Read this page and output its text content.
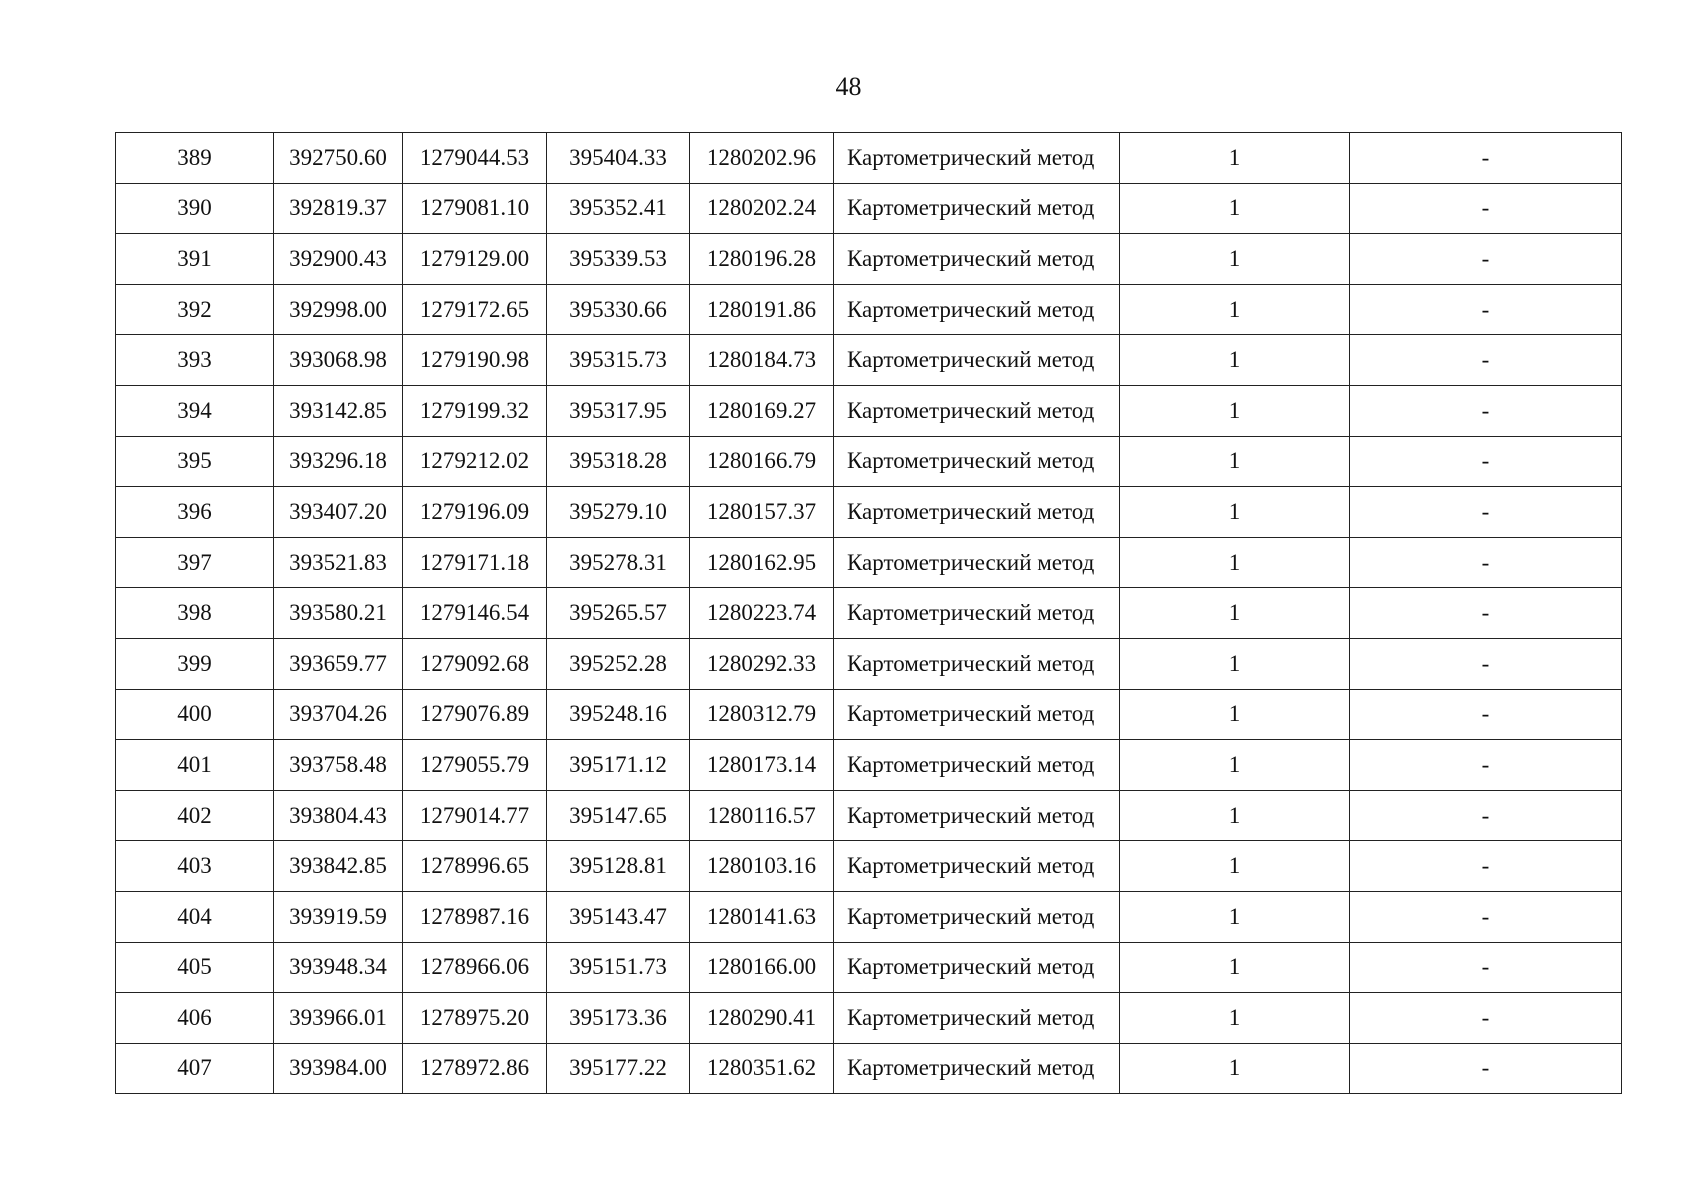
48
389	392750.60	1279044.53	395404.33	1280202.96	Картометрический метод	1	-
390	392819.37	1279081.10	395352.41	1280202.24	Картометрический метод	1	-
391	392900.43	1279129.00	395339.53	1280196.28	Картометрический метод	1	-
392	392998.00	1279172.65	395330.66	1280191.86	Картометрический метод	1	-
393	393068.98	1279190.98	395315.73	1280184.73	Картометрический метод	1	-
394	393142.85	1279199.32	395317.95	1280169.27	Картометрический метод	1	-
395	393296.18	1279212.02	395318.28	1280166.79	Картометрический метод	1	-
396	393407.20	1279196.09	395279.10	1280157.37	Картометрический метод	1	-
397	393521.83	1279171.18	395278.31	1280162.95	Картометрический метод	1	-
398	393580.21	1279146.54	395265.57	1280223.74	Картометрический метод	1	-
399	393659.77	1279092.68	395252.28	1280292.33	Картометрический метод	1	-
400	393704.26	1279076.89	395248.16	1280312.79	Картометрический метод	1	-
401	393758.48	1279055.79	395171.12	1280173.14	Картометрический метод	1	-
402	393804.43	1279014.77	395147.65	1280116.57	Картометрический метод	1	-
403	393842.85	1278996.65	395128.81	1280103.16	Картометрический метод	1	-
404	393919.59	1278987.16	395143.47	1280141.63	Картометрический метод	1	-
405	393948.34	1278966.06	395151.73	1280166.00	Картометрический метод	1	-
406	393966.01	1278975.20	395173.36	1280290.41	Картометрический метод	1	-
407	393984.00	1278972.86	395177.22	1280351.62	Картометрический метод	1	-
